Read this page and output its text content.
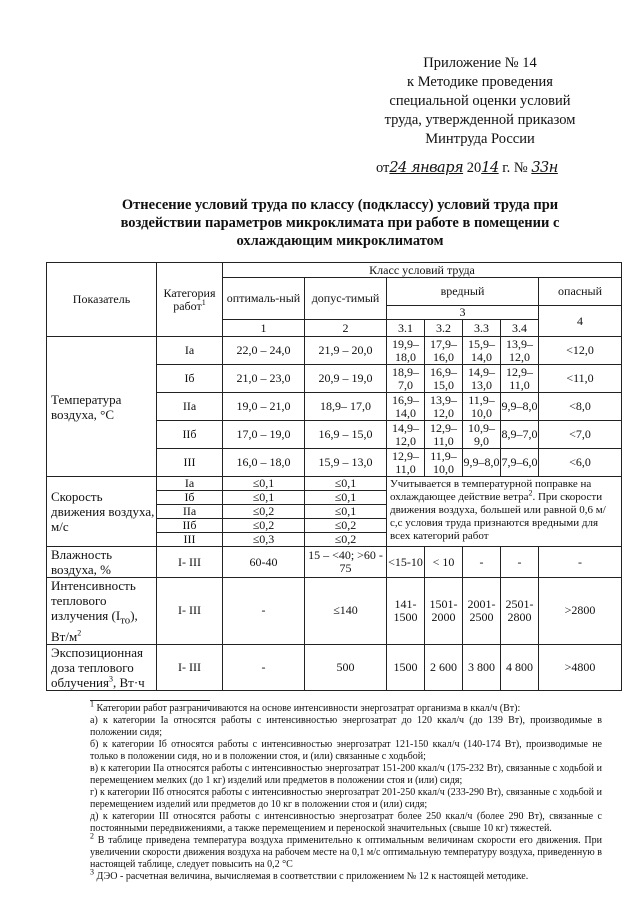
Приложение № 14
к Методике проведения
специальной оценки условий
труда, утвержденной приказом
Минтруда России
от24 января 2014 г. № 33н
Отнесение условий труда по классу (подклассу) условий труда при
воздействии параметров микроклимата при работе в помещении с
охлаждающим микроклиматом
Показатель	Категория работ$^1$	Класс условий труда						
		оптималь-ный	допус-тимый	вредный				опасный
				3				4
		1	2	3.1	3.2	3.3	3.4	
Температура воздуха, °С	Iа	22,0 – 24,0	21,9 – 20,0	19,9–18,0	17,9–16,0	15,9–14,0	13,9–12,0	<12,0
	Iб	21,0 – 23,0	20,9 – 19,0	18,9–7,0	16,9–15,0	14,9–13,0	12,9–11,0	<11,0
	IIа	19,0 – 21,0	18,9– 17,0	16,9–14,0	13,9–12,0	11,9–10,0	9,9–8,0	<8,0
	IIб	17,0 – 19,0	16,9 – 15,0	14,9–12,0	12,9–11,0	10,9–9,0	8,9–7,0	<7,0
	III	16,0 – 18,0	15,9 – 13,0	12,9–11,0	11,9–10,0	9,9–8,0	7,9–6,0	<6,0
Скорость движения воздуха, м/с	Iа	≤0,1	≤0,1	Учитывается в температурной поправке на охлаждающее действие ветра$^2$. При скорости движения воздуха, большей или равной 0,6 м/с,с условия труда признаются вредными для всех категорий работ				
	Iб	≤0,1	≤0,1					
	IIа	≤0,2	≤0,1					
	IIб	≤0,2	≤0,2					
	III	≤0,3	≤0,2					
Влажность воздуха, %	I- III	60-40	15 – <40; >60 - 75	<15-10	< 10	-	-	-
Интенсивность теплового излучения $(I_{то})$, $Вт/м^2$	I- III	-	≤140	141-1500	1501-2000	2001-2500	2501-2800	>2800
Экспозиционная доза теплового облучения$^3$, Вт·ч	I- III	-	500	1500	2 600	3 800	4 800	>4800
$^1$ Категории работ разграничиваются на основе интенсивности энергозатрат организма в ккал/ч (Вт):
а) к категории Iа относятся работы с интенсивностью энергозатрат до 120 ккал/ч (до 139 Вт), производимые в положении сидя;
б) к категории Iб относятся работы с интенсивностью энергозатрат 121-150 ккал/ч (140-174 Вт), производимые не только в положении сидя, но и в положении стоя, и (или) связанные с ходьбой;
в) к категории IIа относятся работы с интенсивностью энергозатрат 151-200 ккал/ч (175-232 Вт), связанные с ходьбой и перемещением мелких (до 1 кг) изделий или предметов в положении стоя и (или) сидя;
г) к категории IIб относятся работы с интенсивностью энергозатрат 201-250 ккал/ч (233-290 Вт), связанные с ходьбой и перемещением изделий или предметов до 10 кг в положении стоя и (или) сидя;
д) к категории III относятся работы с интенсивностью энергозатрат более 250 ккал/ч (более 290 Вт), связанные с постоянными передвижениями, а также перемещением и переноской значительных (свыше 10 кг) тяжестей.
$^2$ В таблице приведена температура воздуха применительно к оптимальным величинам скорости его движения. При увеличении скорости движения воздуха на рабочем месте на 0,1 м/с оптимальную температуру воздуха, приведенную в настоящей таблице, следует повысить на 0,2 °С
$^3$ ДЭО - расчетная величина, вычисляемая в соответствии с приложением № 12 к настоящей методике.
